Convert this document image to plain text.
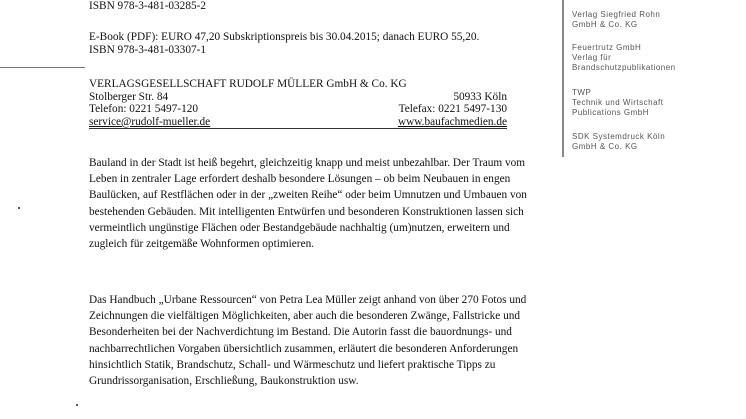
ISBN 978-3-481-03285-2
E-Book (PDF): EURO 47,20 Subskriptionspreis bis 30.04.2015; danach EURO 55,20.
ISBN 978-3-481-03307-1
VERLAGSGESELLSCHAFT RUDOLF MÜLLER GmbH & Co. KG
Stolberger Str. 84	50933 Köln
Telefon: 0221 5497-120	Telefax: 0221 5497-130
service@rudolf-mueller.de	www.baufachmedien.de
Bauland in der Stadt ist heiß begehrt, gleichzeitig knapp und meist unbezahlbar. Der Traum vom Leben in zentraler Lage erfordert deshalb besondere Lösungen – ob beim Neubauen in engen Baulücken, auf Restflächen oder in der „zweiten Reihe“ oder beim Umnutzen und Umbauen von bestehenden Gebäuden. Mit intelligenten Entwürfen und besonderen Konstruktionen lassen sich vermeintlich ungünstige Flächen oder Bestandgebäude nachhaltig (um)nutzen, erweitern und zugleich für zeitgemäße Wohnformen optimieren.
Das Handbuch „Urbane Ressourcen“ von Petra Lea Müller zeigt anhand von über 270 Fotos und Zeichnungen die vielfältigen Möglichkeiten, aber auch die besonderen Zwänge, Fallstricke und Besonderheiten bei der Nachverdichtung im Bestand. Die Autorin fasst die bauordnungs- und nachbarrechtlichen Vorgaben übersichtlich zusammen, erläutert die besonderen Anforderungen hinsichtlich Statik, Brandschutz, Schall- und Wärmeschutz und liefert praktische Tipps zu Grundrissorganisation, Erschließung, Baukonstruktion usw.
Verlag Siegfried Rohn
GmbH & Co. KG
Feuertrutz GmbH
Verlag für
Brandschutzpublikationen
TWP
Technik und Wirtschaft
Publications GmbH
SDK Systemdruck Köln
GmbH & Co. KG
